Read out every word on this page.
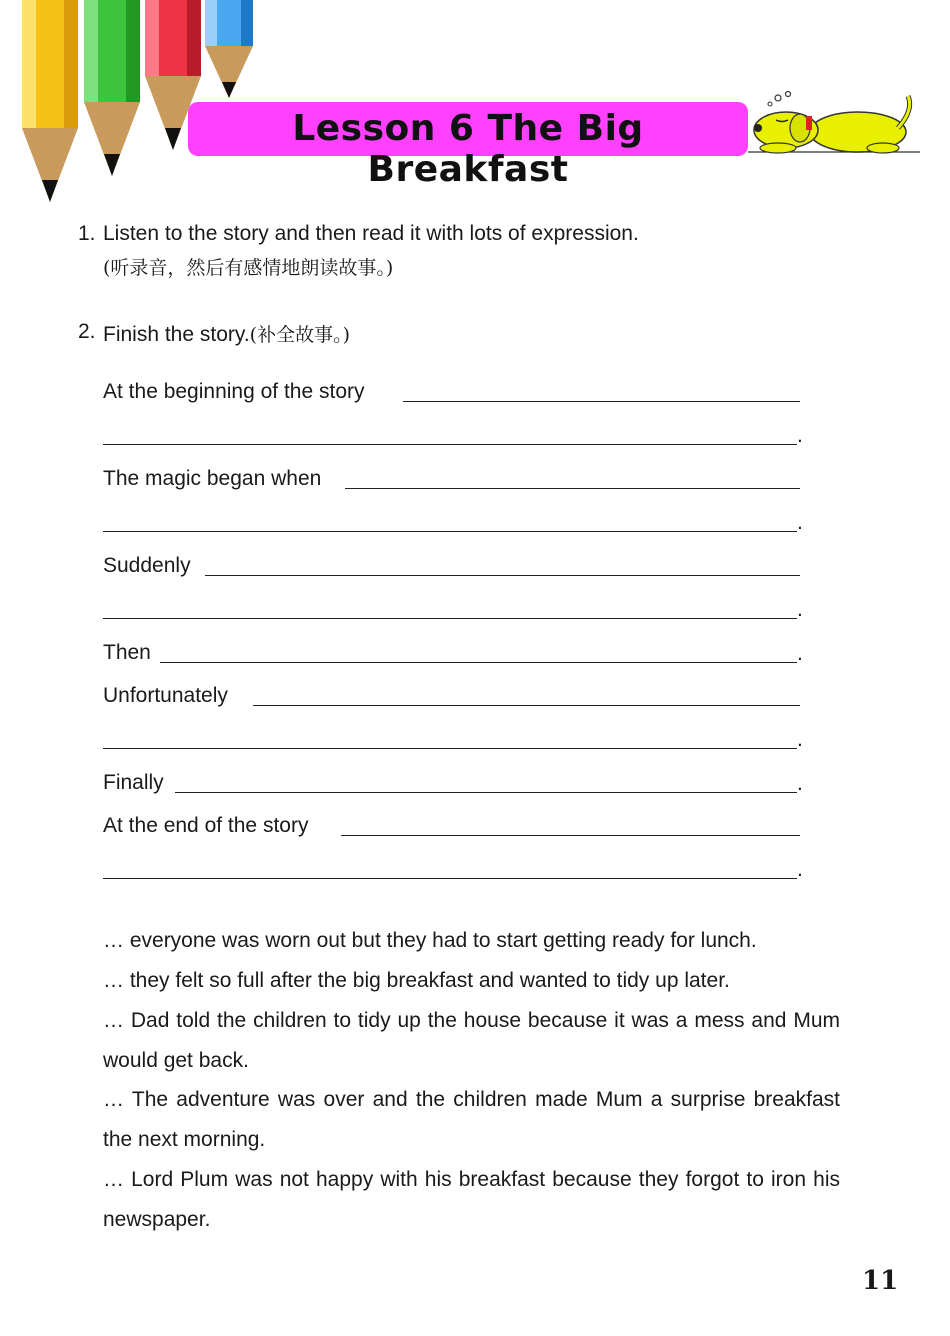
Lesson 6 The Big Breakfast
1. Listen to the story and then read it with lots of expression.
(听录音，然后有感情地朗读故事。)
2. Finish the story.(补全故事。)
At the beginning of the story
.
The magic began when
.
Suddenly
.
Then	.
Unfortunately
.
Finally	.
At the end of the story
.
… everyone was worn out but they had to start getting ready for lunch.
… they felt so full after the big breakfast and wanted to tidy up later.
… Dad told the children to tidy up the house because it was a mess and Mum would get back.
… The adventure was over and the children made Mum a surprise breakfast the next morning.
… Lord Plum was not happy with his breakfast because they forgot to iron his newspaper.
11
